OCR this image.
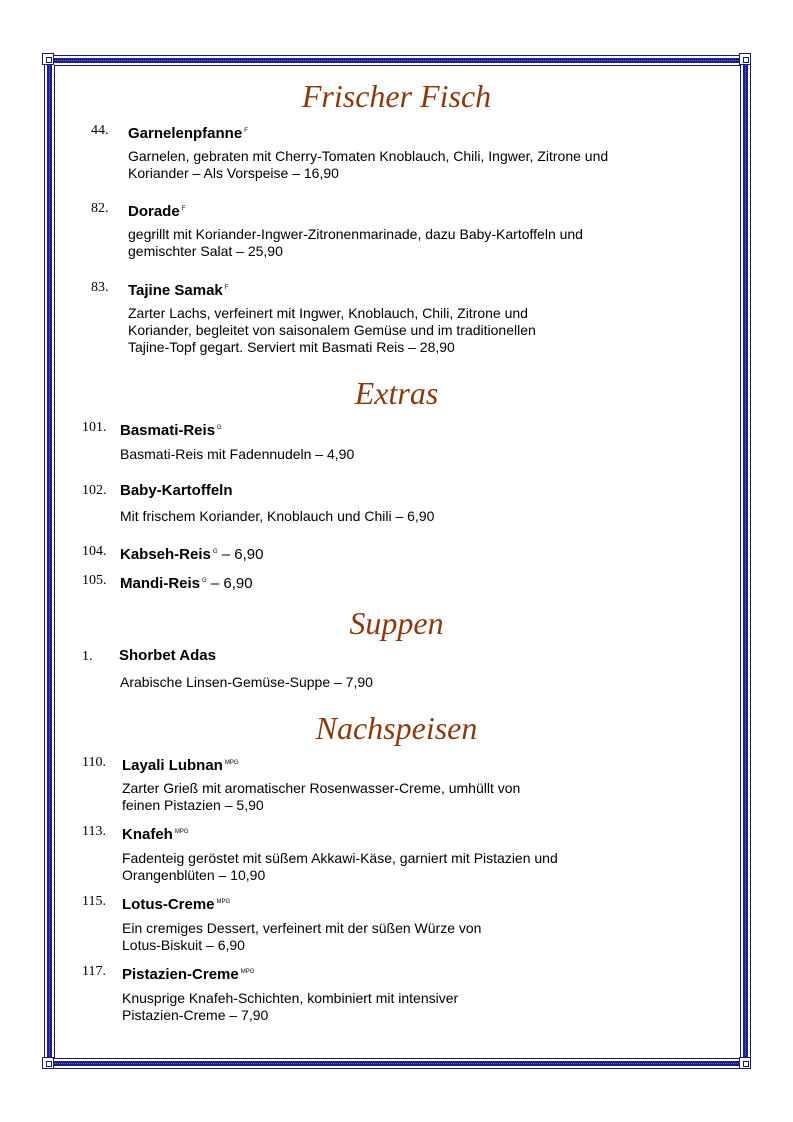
Frischer Fisch
44. Garnelenpfanne $^F$
Garnelen, gebraten mit Cherry-Tomaten Knoblauch, Chili, Ingwer, Zitrone und Koriander – Als Vorspeise – 16,90
82. Dorade $^F$
gegrillt mit Koriander-Ingwer-Zitronenmarinade, dazu Baby-Kartoffeln und gemischter Salat – 25,90
83. Tajine Samak $^F$
Zarter Lachs, verfeinert mit Ingwer, Knoblauch, Chili, Zitrone und Koriander, begleitet von saisonalem Gemüse und im traditionellen Tajine-Topf gegart. Serviert mit Basmati Reis – 28,90
Extras
101. Basmati-Reis $^G$
Basmati-Reis mit Fadennudeln – 4,90
102. Baby-Kartoffeln
Mit frischem Koriander, Knoblauch und Chili – 6,90
104. Kabseh-Reis $^G$ – 6,90
105. Mandi-Reis $^G$ – 6,90
Suppen
1. Shorbet Adas
Arabische Linsen-Gemüse-Suppe – 7,90
Nachspeisen
110. Layali Lubnan $^{MPG}$
Zarter Grieß mit aromatischer Rosenwasser-Creme, umhüllt von feinen Pistazien – 5,90
113. Knafeh $^{MPG}$
Fadenteig geröstet mit süßem Akkawi-Käse, garniert mit Pistazien und Orangenblüten – 10,90
115. Lotus-Creme $^{MPG}$
Ein cremiges Dessert, verfeinert mit der süßen Würze von Lotus-Biskuit – 6,90
117. Pistazien-Creme $^{MPG}$
Knusprige Knafeh-Schichten, kombiniert mit intensiver Pistazien-Creme – 7,90
